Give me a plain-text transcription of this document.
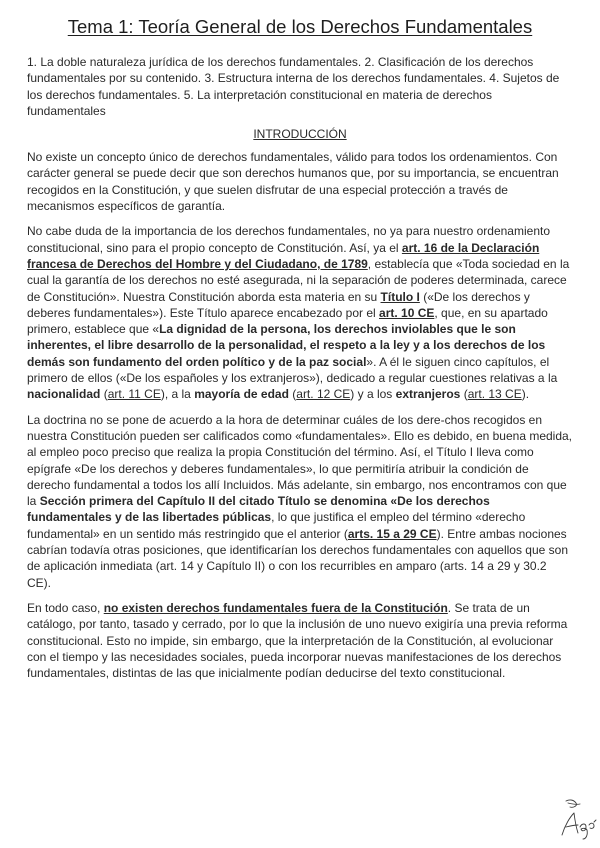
Tema 1: Teoría General de los Derechos Fundamentales

1. La doble naturaleza jurídica de los derechos fundamentales. 2. Clasificación de los derechos fundamentales por su contenido. 3. Estructura interna de los derechos fundamentales. 4. Sujetos de los derechos fundamentales. 5. La interpretación constitucional en materia de derechos fundamentales

INTRODUCCIÓN

No existe un concepto único de derechos fundamentales, válido para todos los ordenamientos. Con carácter general se puede decir que son derechos humanos que, por su importancia, se encuentran recogidos en la Constitución, y que suelen disfrutar de una especial protección a través de mecanismos específicos de garantía.

No cabe duda de la importancia de los derechos fundamentales, no ya para nuestro ordenamiento constitucional, sino para el propio concepto de Constitución. Así, ya el art. 16 de la Declaración francesa de Derechos del Hombre y del Ciudadano, de 1789, establecía que «Toda sociedad en la cual la garantía de los derechos no esté asegurada, ni la separación de poderes determinada, carece de Constitución». Nuestra Constitución aborda esta materia en su Título I («De los derechos y deberes fundamentales»). Este Título aparece encabezado por el art. 10 CE, que, en su apartado primero, establece que «La dignidad de la persona, los derechos inviolables que le son inherentes, el libre desarrollo de la personalidad, el respeto a la ley y a los derechos de los demás son fundamento del orden político y de la paz social». A él le siguen cinco capítulos, el primero de ellos («De los españoles y los extranjeros»), dedicado a regular cuestiones relativas a la nacionalidad (art. 11 CE), a la mayoría de edad (art. 12 CE) y a los extranjeros (art. 13 CE).

La doctrina no se pone de acuerdo a la hora de determinar cuáles de los dere-chos recogidos en nuestra Constitución pueden ser calificados como «fundamentales». Ello es debido, en buena medida, al empleo poco preciso que realiza la propia Constitución del término. Así, el Título I lleva como epígrafe «De los derechos y deberes fundamentales», lo que permitiría atribuir la condición de derecho fundamental a todos los allí Incluidos. Más adelante, sin embargo, nos encontramos con que la Sección primera del Capítulo II del citado Título se denomina «De los derechos fundamentales y de las libertades públicas, lo que justifica el empleo del término «derecho fundamental» en un sentido más restringido que el anterior (arts. 15 a 29 CE). Entre ambas nociones cabrían todavía otras posiciones, que identificarían los derechos fundamentales con aquellos que son de aplicación inmediata (art. 14 y Capítulo II) o con los recurribles en amparo (arts. 14 a 29 y 30.2 CE).

En todo caso, no existen derechos fundamentales fuera de la Constitución. Se trata de un catálogo, por tanto, tasado y cerrado, por lo que la inclusión de uno nuevo exigiría una previa reforma constitucional. Esto no impide, sin embargo, que la interpretación de la Constitución, al evolucionar con el tiempo y las necesidades sociales, pueda incorporar nuevas manifestaciones de los derechos fundamentales, distintas de las que inicialmente podían deducirse del texto constitucional.
